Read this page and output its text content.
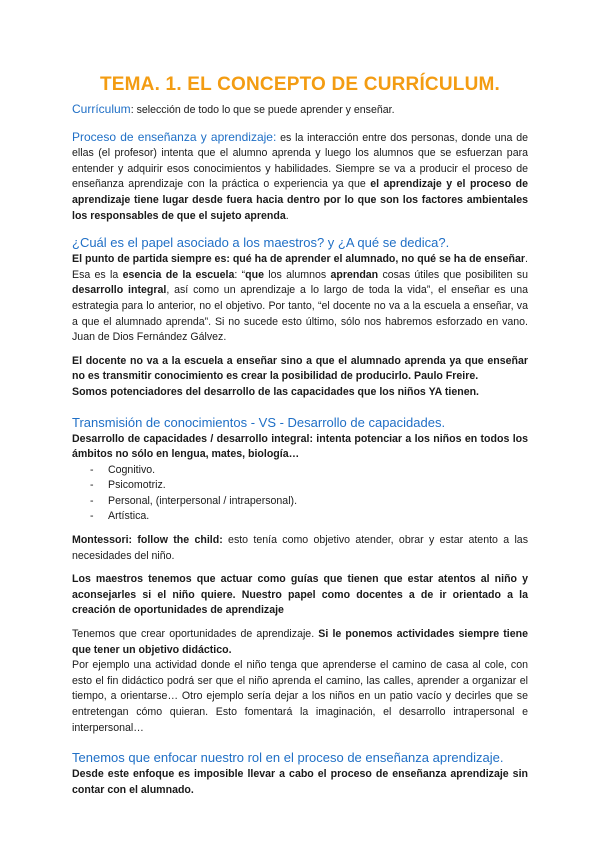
TEMA. 1. EL CONCEPTO DE CURRÍCULUM.

Currículum: selección de todo lo que se puede aprender y enseñar.

Proceso de enseñanza y aprendizaje: es la interacción entre dos personas, donde una de ellas (el profesor) intenta que el alumno aprenda y luego los alumnos que se esfuerzan para entender y adquirir esos conocimientos y habilidades. Siempre se va a producir el proceso de enseñanza aprendizaje con la práctica o experiencia ya que el aprendizaje y el proceso de aprendizaje tiene lugar desde fuera hacia dentro por lo que son los factores ambientales los responsables de que el sujeto aprenda.

¿Cuál es el papel asociado a los maestros? y ¿A qué se dedica?.

El punto de partida siempre es: qué ha de aprender el alumnado, no qué se ha de enseñar. Esa es la esencia de la escuela: “que los alumnos aprendan cosas útiles que posibiliten su desarrollo integral, así como un aprendizaje a lo largo de toda la vida”, el enseñar es una estrategia para lo anterior, no el objetivo. Por tanto, “el docente no va a la escuela a enseñar, va a que el alumnado aprenda”. Si no sucede esto último, sólo nos habremos esforzado en vano. Juan de Dios Fernández Gálvez.

El docente no va a la escuela a enseñar sino a que el alumnado aprenda ya que enseñar no es transmitir conocimiento es crear la posibilidad de producirlo. Paulo Freire.

Somos potenciadores del desarrollo de las capacidades que los niños YA tienen.

Transmisión de conocimientos - VS - Desarrollo de capacidades.

Desarrollo de capacidades / desarrollo integral: intenta potenciar a los niños en todos los ámbitos no sólo en lengua, mates, biología…

- Cognitivo.
- Psicomotriz.
- Personal, (interpersonal / intrapersonal).
- Artística.

Montessori: follow the child: esto tenía como objetivo atender, obrar y estar atento a las necesidades del niño.

Los maestros tenemos que actuar como guías que tienen que estar atentos al niño y aconsejarles si el niño quiere. Nuestro papel como docentes a de ir orientado a la creación de oportunidades de aprendizaje

Tenemos que crear oportunidades de aprendizaje. Si le ponemos actividades siempre tiene que tener un objetivo didáctico.

Por ejemplo una actividad donde el niño tenga que aprenderse el camino de casa al cole, con esto el fin didáctico podrá ser que el niño aprenda el camino, las calles, aprender a organizar el tiempo, a orientarse… Otro ejemplo sería dejar a los niños en un patio vacío y decirles que se entretengan cómo quieran. Esto fomentará la imaginación, el desarrollo intrapersonal e interpersonal…

Tenemos que enfocar nuestro rol en el proceso de enseñanza aprendizaje.

Desde este enfoque es imposible llevar a cabo el proceso de enseñanza aprendizaje sin contar con el alumnado.
